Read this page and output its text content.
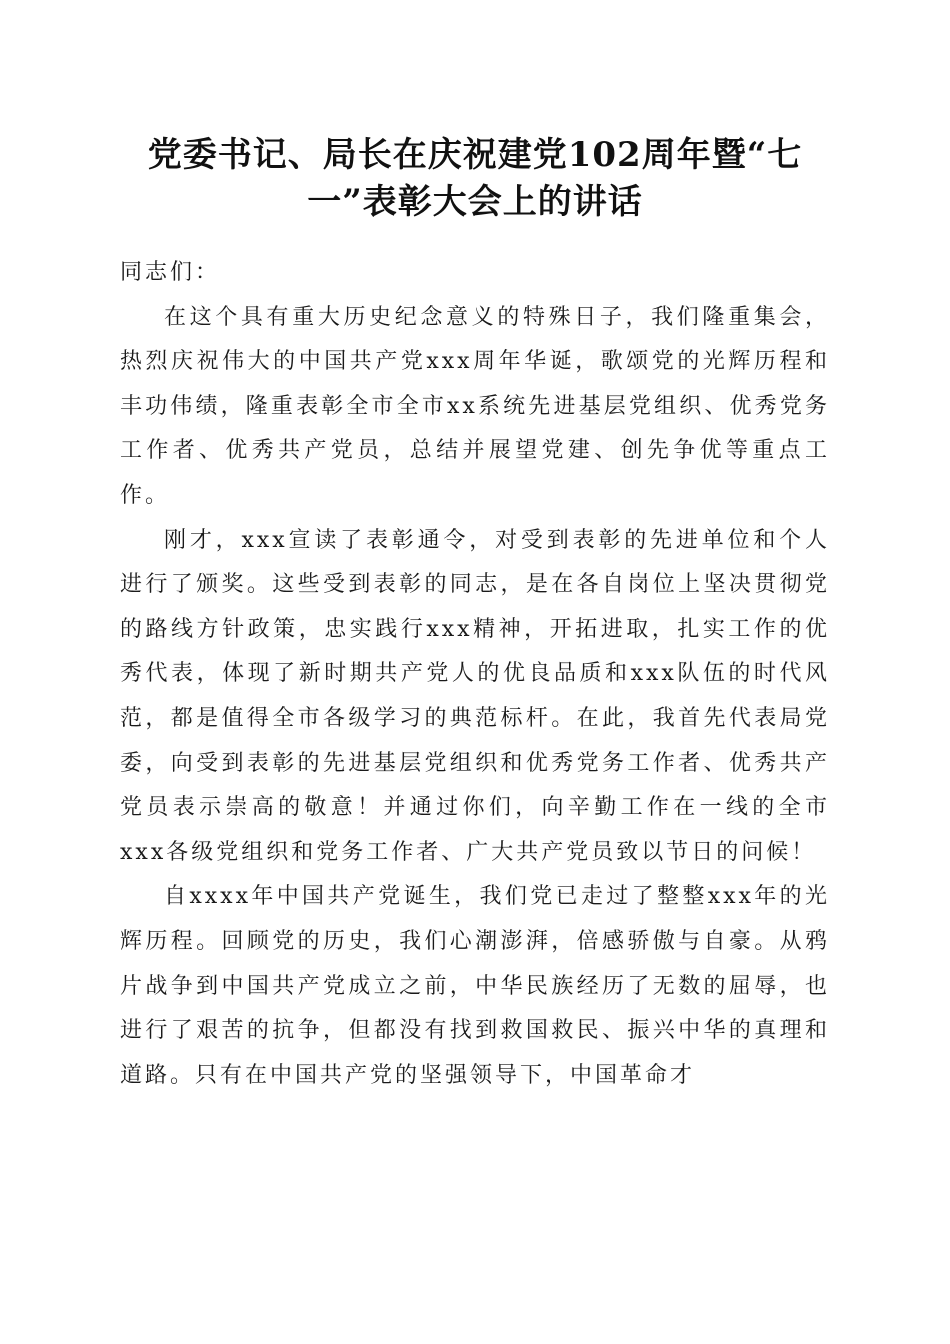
党委书记、局长在庆祝建党102周年暨“七一”表彰大会上的讲话

同志们：

在这个具有重大历史纪念意义的特殊日子，我们隆重集会，热烈庆祝伟大的中国共产党xxx周年华诞，歌颂党的光辉历程和丰功伟绩，隆重表彰全市全市xx系统先进基层党组织、优秀党务工作者、优秀共产党员，总结并展望党建、创先争优等重点工作。

刚才，xxx宣读了表彰通令，对受到表彰的先进单位和个人进行了颁奖。这些受到表彰的同志，是在各自岗位上坚决贯彻党的路线方针政策，忠实践行xxx精神，开拓进取，扎实工作的优秀代表，体现了新时期共产党人的优良品质和xxx队伍的时代风范，都是值得全市各级学习的典范标杆。在此，我首先代表局党委，向受到表彰的先进基层党组织和优秀党务工作者、优秀共产党员表示崇高的敬意！并通过你们，向辛勤工作在一线的全市xxx各级党组织和党务工作者、广大共产党员致以节日的问候！

自xxxx年中国共产党诞生，我们党已走过了整整xxx年的光辉历程。回顾党的历史，我们心潮澎湃，倍感骄傲与自豪。从鸦片战争到中国共产党成立之前，中华民族经历了无数的屈辱，也进行了艰苦的抗争，但都没有找到救国救民、振兴中华的真理和道路。只有在中国共产党的坚强领导下，中国革命才
